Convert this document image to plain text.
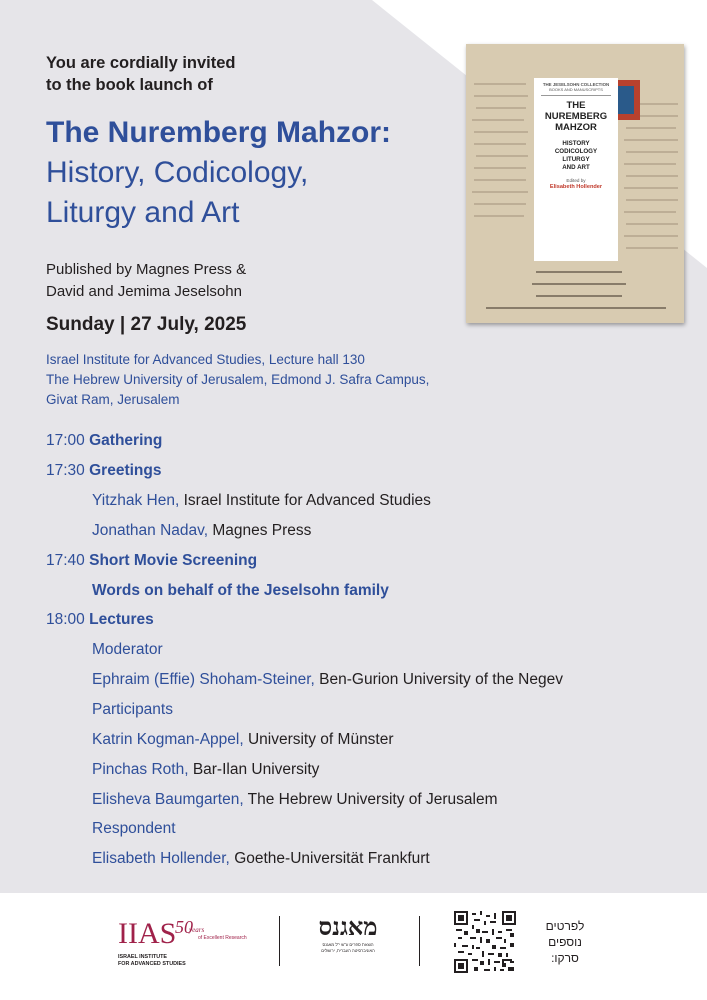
You are cordially invited
to the book launch of
The Nuremberg Mahzor:
History, Codicology,
Liturgy and Art
Published by Magnes Press &
David and Jemima Jeselsohn
Sunday | 27 July, 2025
Israel Institute for Advanced Studies, Lecture hall 130
The Hebrew University of Jerusalem, Edmond J. Safra Campus,
Givat Ram, Jerusalem
17:00 Gathering
17:30 Greetings
Yitzhak Hen, Israel Institute for Advanced Studies
Jonathan Nadav, Magnes Press
17:40 Short Movie Screening
Words on behalf of the Jeselsohn family
18:00 Lectures
Moderator
Ephraim (Effie) Shoham-Steiner, Ben-Gurion University of the Negev
Participants
Katrin Kogman-Appel, University of Münster
Pinchas Roth, Bar-Ilan University
Elisheva Baumgarten, The Hebrew University of Jerusalem
Respondent
Elisabeth Hollender, Goethe-Universität Frankfurt
THE JESELSOHN COLLECTION
BOOKS AND MANUSCRIPTS
THE
NUREMBERG
MAHZOR
HISTORY
CODICOLOGY
LITURGY
AND ART
Edited by
Elisabeth Hollender
IIAS
50
years
of Excellent Research
ISRAEL INSTITUTE
FOR ADVANCED STUDIES
מאגנס
הוצאת ספרים ע"ש י"ל מאגנס
האוניברסיטה העברית, ירושלים
לפרטים
נוספים
סרקו:
